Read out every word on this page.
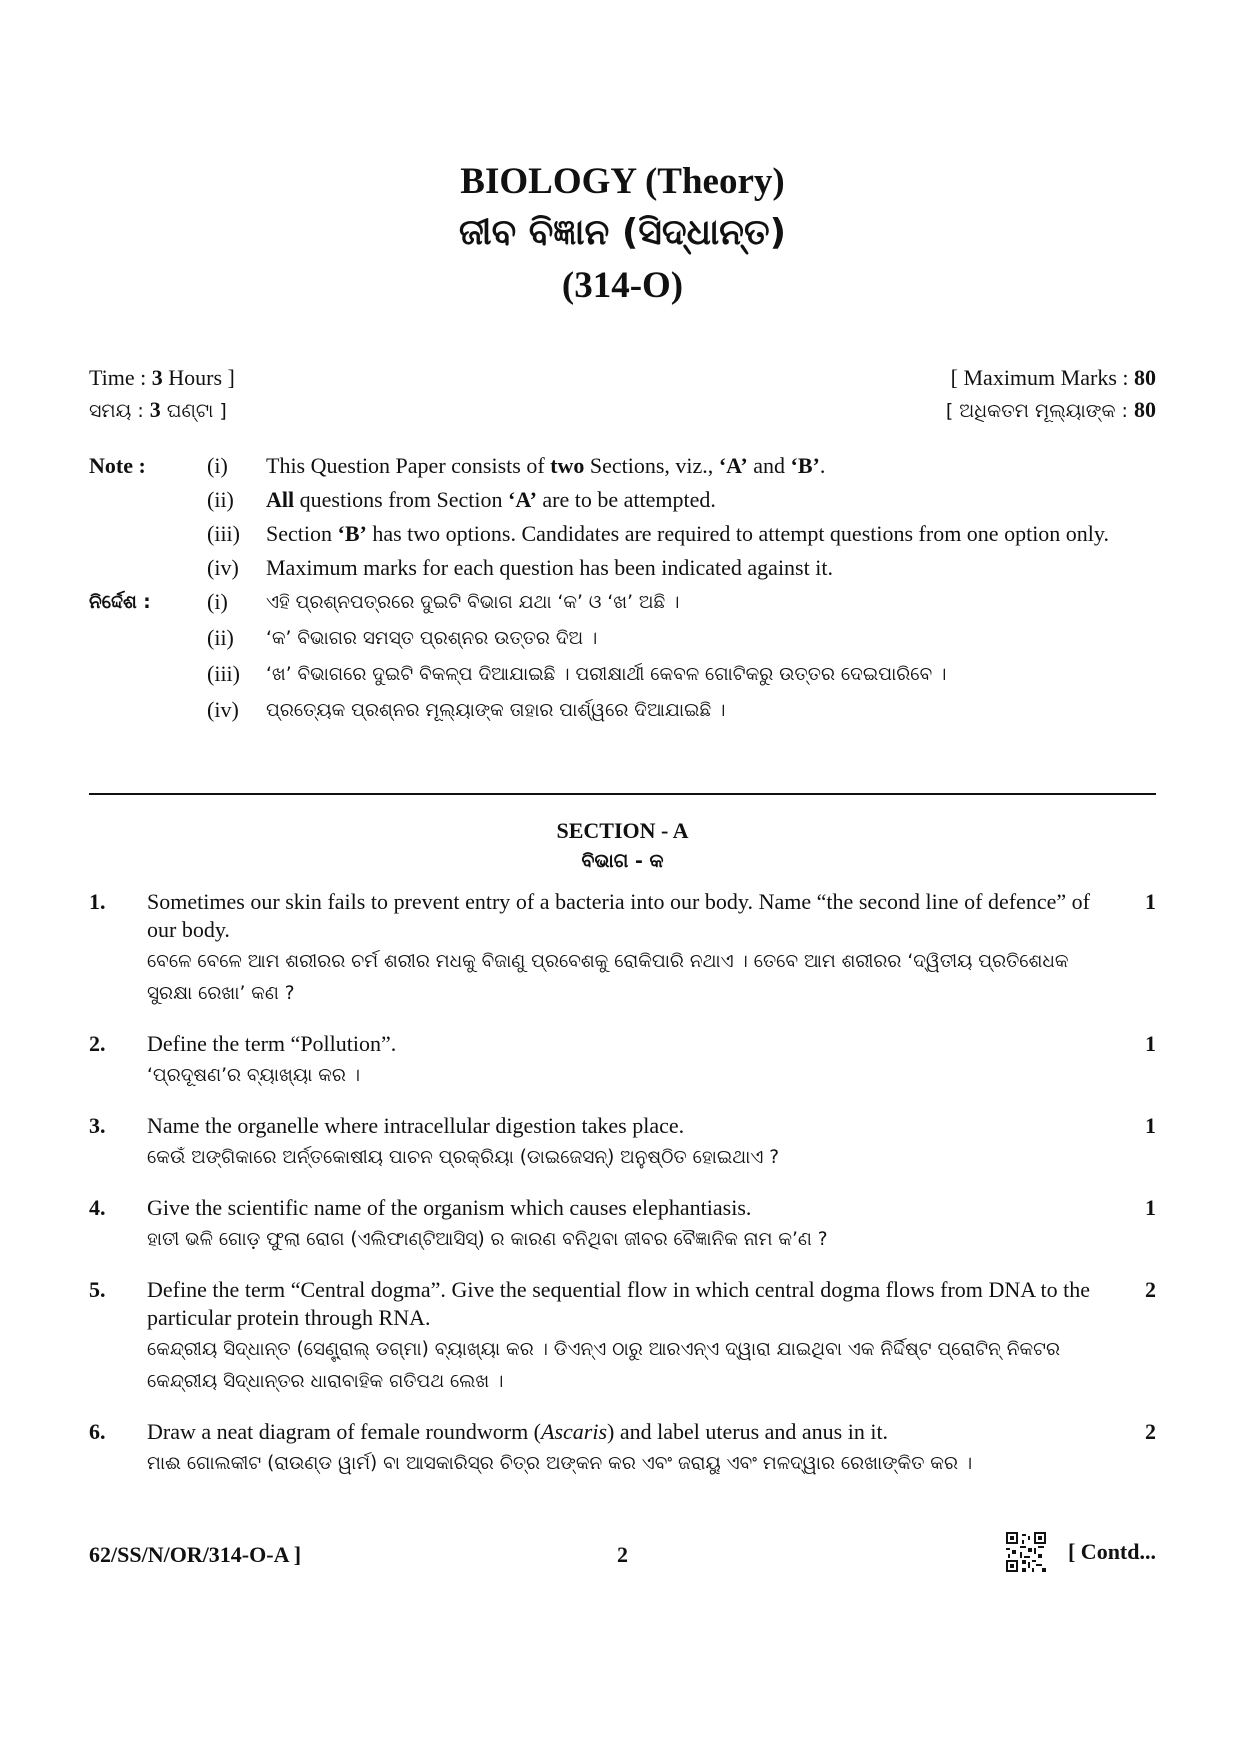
BIOLOGY (Theory)
ଜୀବ ବିଜ୍ଞାନ (ସିଦ୍ଧାନ୍ତ)
(314-O)
Time : 3 Hours ]	[ Maximum Marks : 80
ସମୟ : 3 ଘଣ୍ଟା ]	[ ଅଧିକତମ ମୂଲ୍ୟାଙ୍କ : 80
Note :	(i)	This Question Paper consists of two Sections, viz., ‘A’ and ‘B’.
(ii)	All questions from Section ‘A’ are to be attempted.
(iii)	Section ‘B’ has two options. Candidates are required to attempt questions from one option only.
(iv)	Maximum marks for each question has been indicated against it.
ନିର୍ଦ୍ଦେଶ :	(i)	ଏହି ପ୍ରଶ୍ନପତ୍ରରେ ଦୁଇଟି ବିଭାଗ ଯଥା ‘କ’ ଓ ‘ଖ’ ଅଛି ।
(ii)	‘କ’ ବିଭାଗର ସମସ୍ତ ପ୍ରଶ୍ନର ଉତ୍ତର ଦିଅ ।
(iii)	‘ଖ’ ବିଭାଗରେ ଦୁଇଟି ବିକଳ୍ପ ଦିଆଯାଇଛି । ପରୀକ୍ଷାର୍ଥୀ କେବଳ ଗୋଟିକରୁ ଉତ୍ତର ଦେଇପାରିବେ ।
(iv)	ପ୍ରତ୍ୟେକ ପ୍ରଶ୍ନର ମୂଲ୍ୟାଙ୍କ ତାହାର ପାର୍ଶ୍ୱରେ ଦିଆଯାଇଛି ।
SECTION - A
ବିଭାଗ - କ
1.	Sometimes our skin fails to prevent entry of a bacteria into our body. Name “the second line of defence” of our body.
ବେଳେ ବେଳେ ଆମ ଶରୀରର ଚର୍ମ ଶରୀର ମଧକୁ ବିଜାଣୁ ପ୍ରବେଶକୁ ରୋକିପାରି ନଥାଏ । ତେବେ ଆମ ଶରୀରର ‘ଦ୍ୱିତୀୟ ପ୍ରତିଶେଧକ ସୁରକ୍ଷା ରେଖା’ କଣ ?
1
2.	Define the term “Pollution”.
‘ପ୍ରଦୂଷଣ’ର ବ୍ୟାଖ୍ୟା କର ।
1
3.	Name the organelle where intracellular digestion takes place.
କେଉଁ ଅଙ୍ଗିକାରେ ଅର୍ନ୍ତକୋଷୀୟ ପାଚନ ପ୍ରକ୍ରିୟା (ଡାଇଜେସନ୍) ଅନୁଷ୍ଠିତ ହୋଇଥାଏ ?
1
4.	Give the scientific name of the organism which causes elephantiasis.
ହାତୀ ଭଳି ଗୋଡ଼ ଫୁଲା ରୋଗ (ଏଲିଫାଣ୍ଟିଆସିସ୍) ର କାରଣ ବନିଥିବା ଜୀବର ବୈଜ୍ଞାନିକ ନାମ କ’ଣ ?
1
5.	Define the term “Central dogma”. Give the sequential flow in which central dogma flows from DNA to the particular protein through RNA.
କେନ୍ଦ୍ରୀୟ ସିଦ୍ଧାନ୍ତ (ସେଣ୍ଟ୍ରାଲ୍ ଡଗ୍ମା) ବ୍ୟାଖ୍ୟା କର । ଡିଏନ୍ଏ ଠାରୁ ଆରଏନ୍ଏ ଦ୍ୱାରା ଯାଇଥିବା ଏକ ନିର୍ଦ୍ଦିଷ୍ଟ ପ୍ରୋଟିନ୍ ନିକଟର କେନ୍ଦ୍ରୀୟ ସିଦ୍ଧାନ୍ତର ଧାରାବାହିକ ଗତିପଥ ଲେଖ ।
2
6.	Draw a neat diagram of female roundworm (Ascaris) and label uterus and anus in it.
ମାଈ ଗୋଲକୀଟ (ରାଉଣ୍ଡ ୱାର୍ମ) ବା ଆସକାରିସ୍‌ର ଚିତ୍ର ଅଙ୍କନ କର ଏବଂ ଜରାୟୁ ଏବଂ ମଳଦ୍ୱାର ରେଖାଙ୍କିତ କର ।
2
62/SS/N/OR/314-O-A ]	2	[ Contd...
